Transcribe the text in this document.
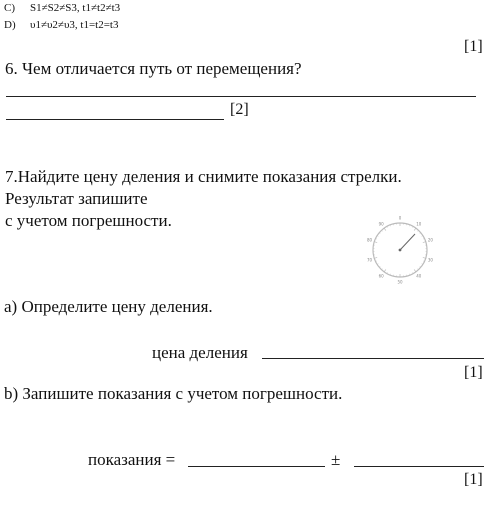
C) S1≠S2≠S3, t1≠t2≠t3
D) υ1≠υ2≠υ3, t1=t2=t3
[1]
6. Чем отличается путь от перемещения?
[2]
7.Найдите цену деления и снимите показания стрелки.
Результат запишите
с учетом погрешности.	0
10
20
30
40
50
60
70
80
90
a) Определите цену деления.
цена деления
[1]
b) Запишите показания с учетом погрешности.
показания =	±
[1]
